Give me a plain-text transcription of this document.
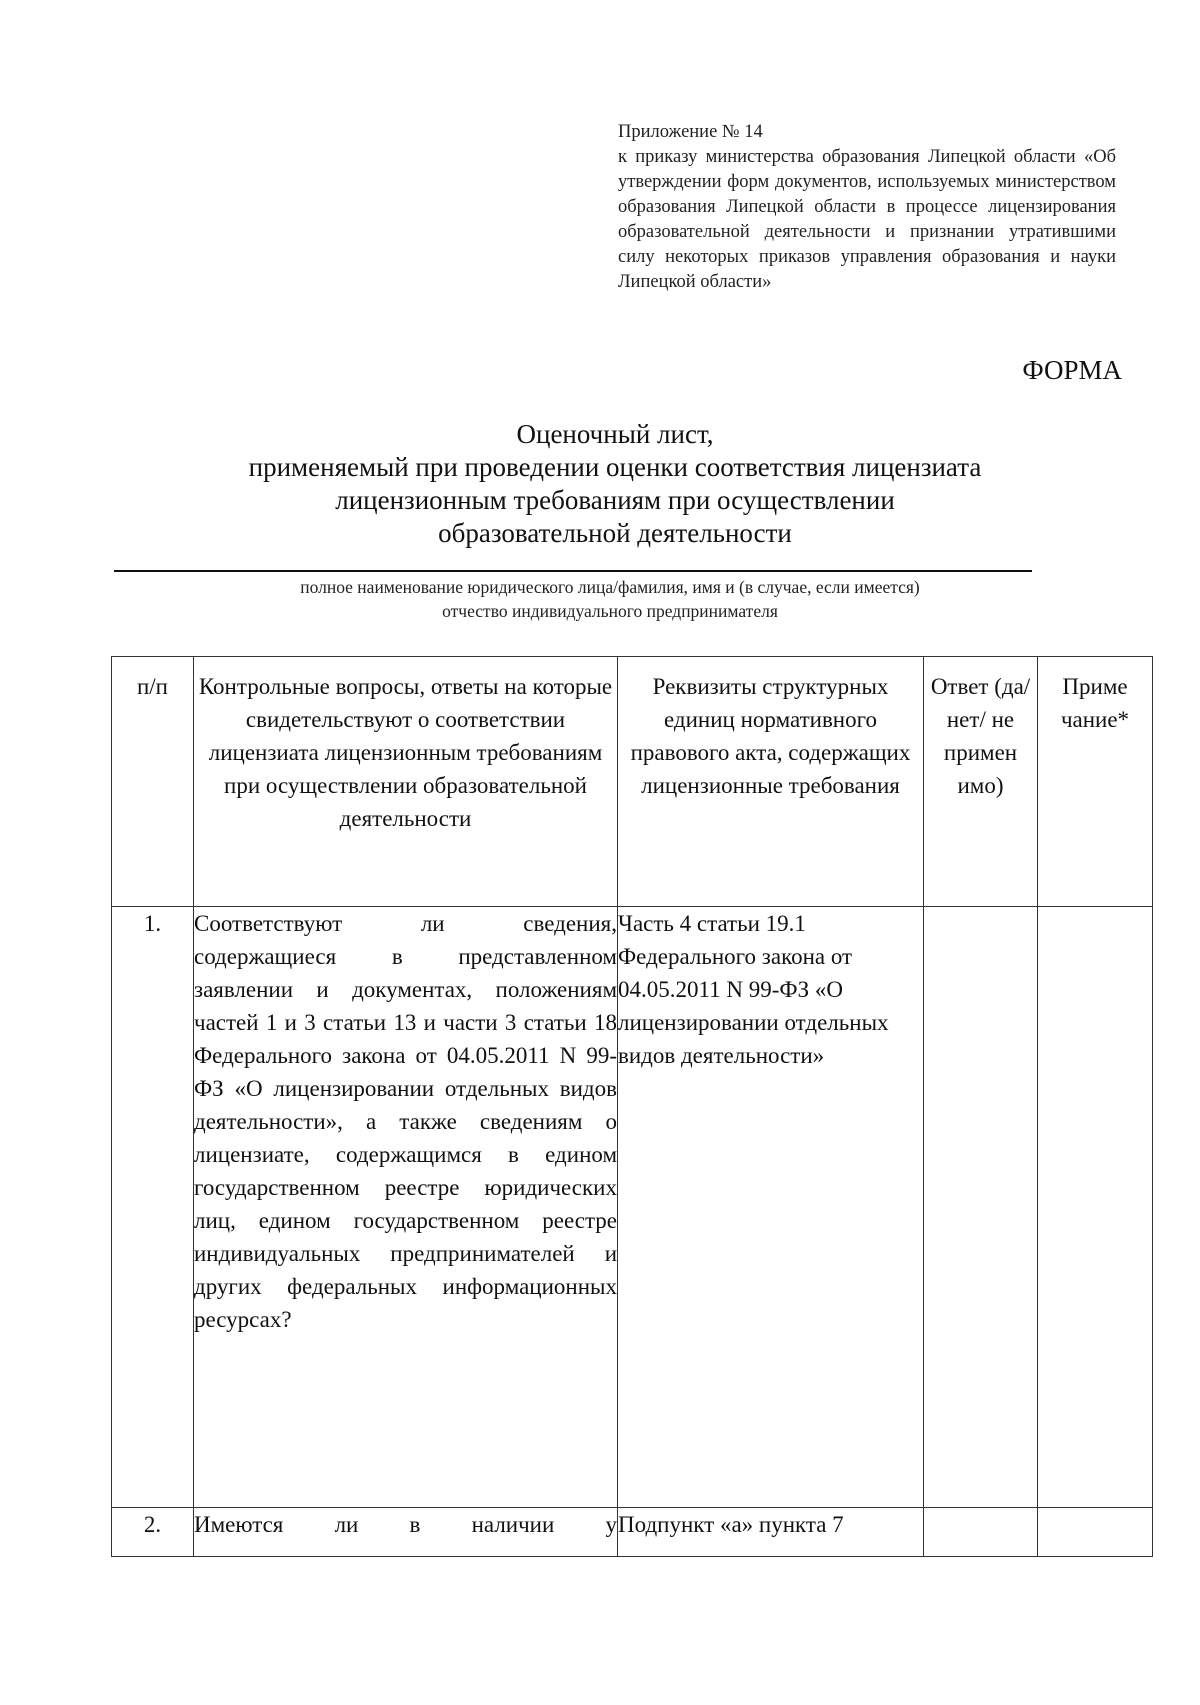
Приложение № 14
к приказу министерства образования Липецкой области «Об утверждении форм документов, используемых министерством образования Липецкой области в процессе лицензирования образовательной деятельности и признании утратившими силу некоторых приказов управления образования и науки Липецкой области»
ФОРМА
Оценочный лист,
применяемый при проведении оценки соответствия лицензиата
лицензионным требованиям при осуществлении
образовательной деятельности
полное наименование юридического лица/фамилия, имя и (в случае, если имеется)
отчество индивидуального предпринимателя
п/п	Контрольные вопросы, ответы на которые свидетельствуют о соответствии лицензиата лицензионным требованиям при осуществлении образовательной деятельности	Реквизиты структурных единиц нормативного правового акта, содержащих лицензионные требования	Ответ (да/нет/ не примен имо)	Приме чание*
1.	Соответствуют ли сведения, содержащиеся в представленном заявлении и документах, положениям частей 1 и 3 статьи 13 и части 3 статьи 18 Федерального закона от 04.05.2011 N 99-ФЗ «О лицензировании отдельных видов деятельности», а также сведениям о лицензиате, содержащимся в едином государственном реестре юридических лиц, едином государственном реестре индивидуальных предпринимателей и других федеральных информационных ресурсах?	Часть 4 статьи 19.1 Федерального закона от 04.05.2011 N 99-ФЗ «О лицензировании отдельных видов деятельности»		
2.	Имеются ли в наличии у	Подпункт «а» пункта 7		
